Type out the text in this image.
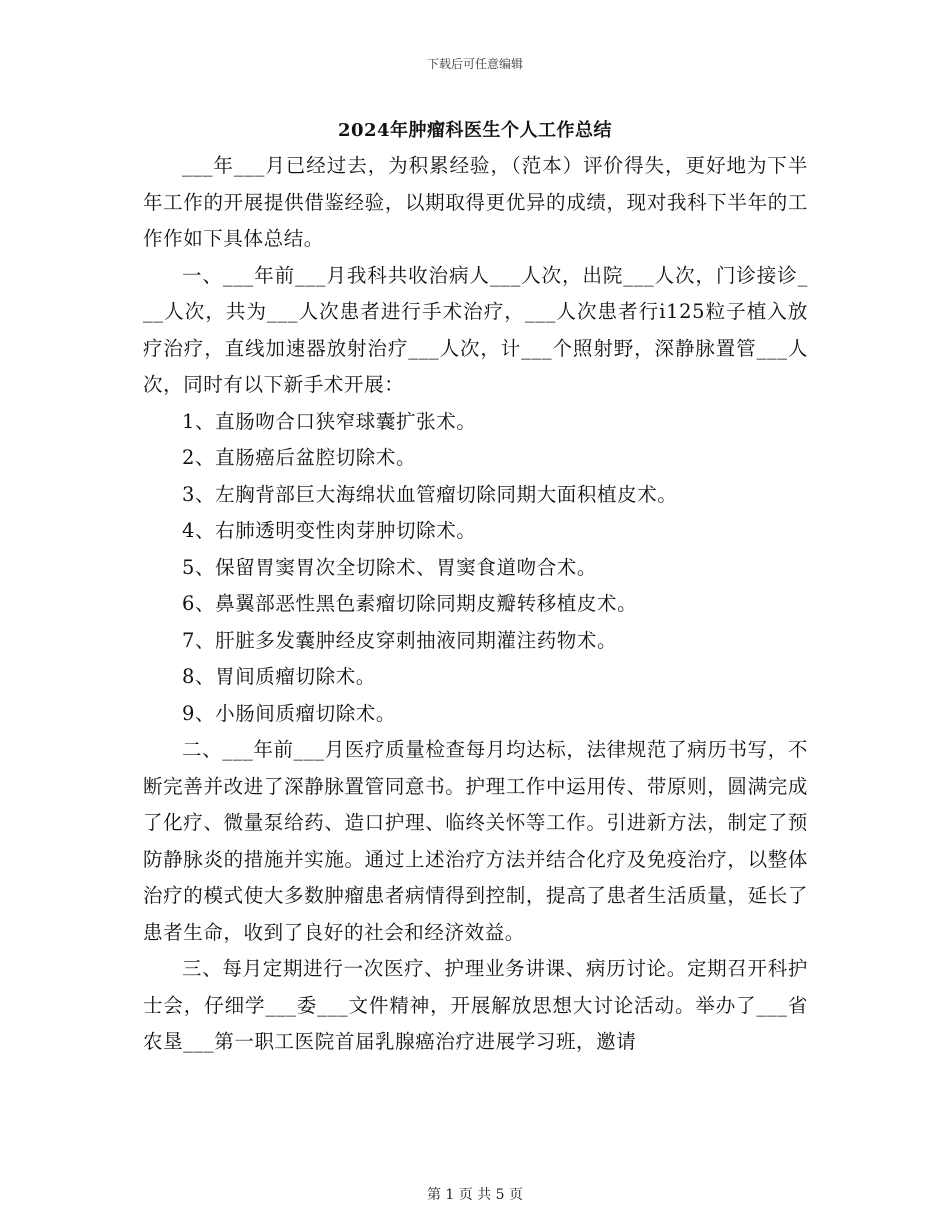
下载后可任意编辑
2024年肿瘤科医生个人工作总结

___年___月已经过去，为积累经验，（范本）评价得失，更好地为下半年工作的开展提供借鉴经验，以期取得更优异的成绩，现对我科下半年的工作作如下具体总结。

一、___年前___月我科共收治病人___人次，出院___人次，门诊接诊___人次，共为___人次患者进行手术治疗，___人次患者行i125粒子植入放疗治疗，直线加速器放射治疗___人次，计___个照射野，深静脉置管___人次，同时有以下新手术开展：

1、直肠吻合口狭窄球囊扩张术。

2、直肠癌后盆腔切除术。

3、左胸背部巨大海绵状血管瘤切除同期大面积植皮术。

4、右肺透明变性肉芽肿切除术。

5、保留胃窦胃次全切除术、胃窦食道吻合术。

6、鼻翼部恶性黑色素瘤切除同期皮瓣转移植皮术。

7、肝脏多发囊肿经皮穿刺抽液同期灌注药物术。

8、胃间质瘤切除术。

9、小肠间质瘤切除术。

二、___年前___月医疗质量检查每月均达标，法律规范了病历书写，不断完善并改进了深静脉置管同意书。护理工作中运用传、带原则，圆满完成了化疗、微量泵给药、造口护理、临终关怀等工作。引进新方法，制定了预防静脉炎的措施并实施。通过上述治疗方法并结合化疗及免疫治疗，以整体治疗的模式使大多数肿瘤患者病情得到控制，提高了患者生活质量，延长了患者生命，收到了良好的社会和经济效益。

三、每月定期进行一次医疗、护理业务讲课、病历讨论。定期召开科护士会，仔细学___委___文件精神，开展解放思想大讨论活动。举办了___省农垦___第一职工医院首届乳腺癌治疗进展学习班，邀请

第 1 页 共 5 页
